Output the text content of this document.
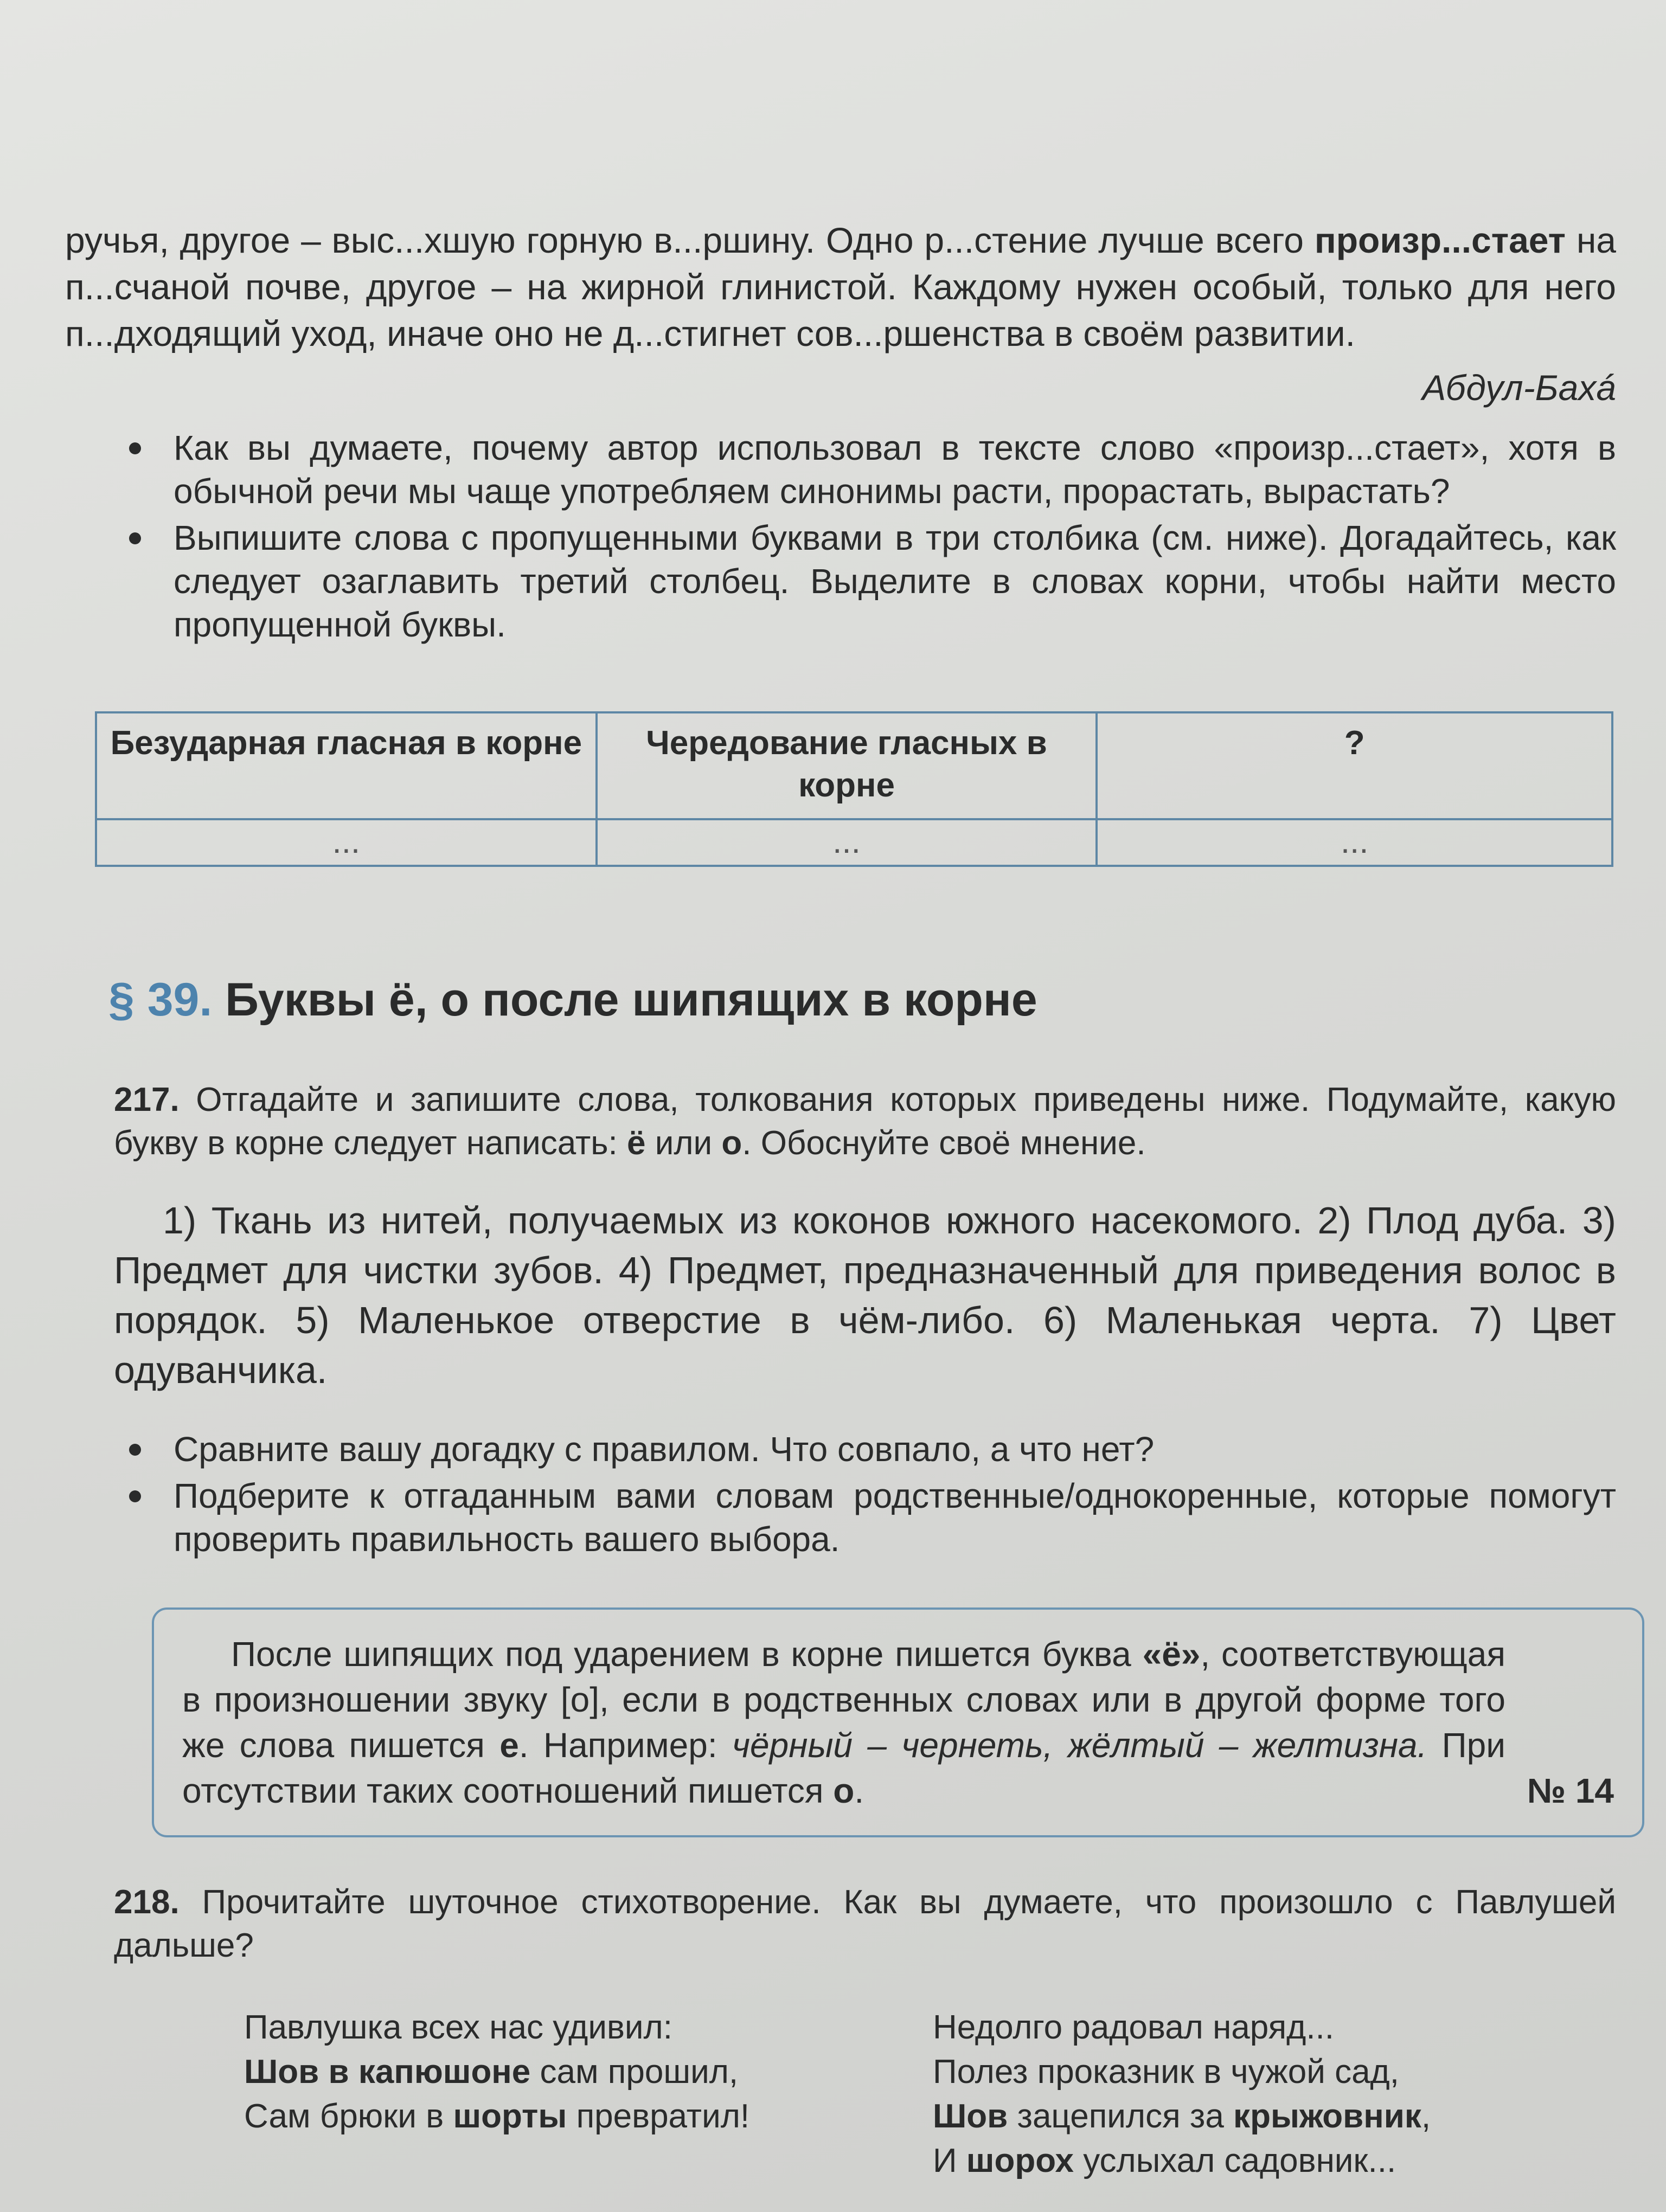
ручья, другое – выс...хшую горную в...ршину. Одно р...стение лучше всего произр...стает на п...счаной почве, другое – на жирной глинистой. Каждому нужен особый, только для него п...дходящий уход, иначе оно не д...стигнет сов...ршенства в своём развитии.

Абдул-Бахá

Как вы думаете, почему автор использовал в тексте слово «произр...стает», хотя в обычной речи мы чаще употребляем синонимы расти, прорастать, вырастать?

Выпишите слова с пропущенными буквами в три столбика (см. ниже). Догадайтесь, как следует озаглавить третий столбец. Выделите в словах корни, чтобы найти место пропущенной буквы.

Безударная гласная в корне	Чередование гласных в корне	?
...	...	...

§ 39. Буквы ё, о после шипящих в корне

217. Отгадайте и запишите слова, толкования которых приведены ниже. Подумайте, какую букву в корне следует написать: ё или о. Обоснуйте своё мнение.

1) Ткань из нитей, получаемых из коконов южного насекомого. 2) Плод дуба. 3) Предмет для чистки зубов. 4) Предмет, предназначенный для приведения волос в порядок. 5) Маленькое отверстие в чём-либо. 6) Маленькая черта. 7) Цвет одуванчика.

Сравните вашу догадку с правилом. Что совпало, а что нет?

Подберите к отгаданным вами словам родственные/однокоренные, которые помогут проверить правильность вашего выбора.

После шипящих под ударением в корне пишется буква «ё», соответствующая в произношении звуку [о], если в родственных словах или в другой форме того же слова пишется е. Например: чёрный – чернеть, жёлтый – желтизна. При отсутствии таких соотношений пишется о.	№ 14

218. Прочитайте шуточное стихотворение. Как вы думаете, что произошло с Павлушей дальше?

Павлушка всех нас удивил:
Шов в капюшоне сам прошил,
Сам брюки в шорты превратил!
Недолго радовал наряд...
Полез проказник в чужой сад,
Шов зацепился за крыжовник,
И шорох услыхал садовник...
